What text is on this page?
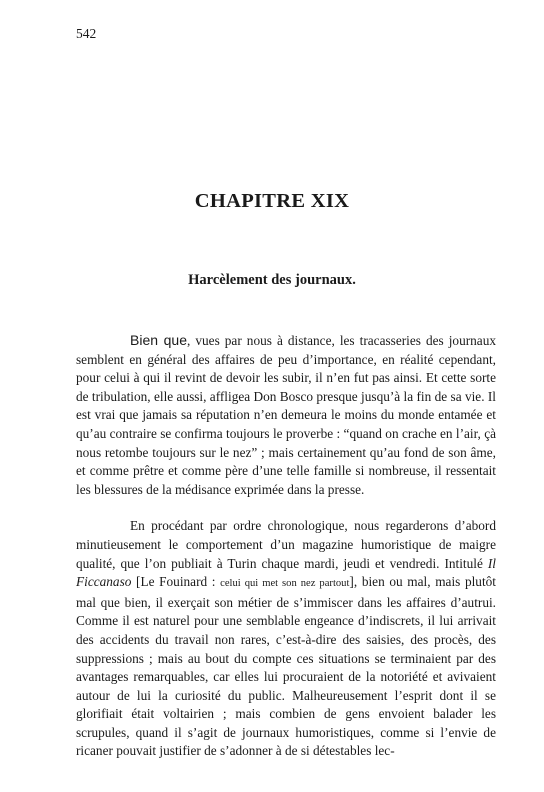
542
CHAPITRE XIX
Harcèlement des journaux.

Bien que, vues par nous à distance, les tracasseries des journaux semblent en général des affaires de peu d’importance, en réalité cependant, pour celui à qui il revint de devoir les subir, il n’en fut pas ainsi. Et cette sorte de tribulation, elle aussi, affligea Don Bosco presque jusqu’à la fin de sa vie. Il est vrai que jamais sa réputation n’en demeura le moins du monde entamée et qu’au contraire se confirma toujours le proverbe : “quand on crache en l’air, çà nous retombe toujours sur le nez” ; mais certainement qu’au fond de son âme, et comme prêtre et comme père d’une telle famille si nombreuse, il ressentait les blessures de la médisance exprimée dans la presse.

En procédant par ordre chronologique, nous regarderons d’abord minutieusement le comportement d’un magazine humoristique de maigre qualité, que l’on publiait à Turin chaque mardi, jeudi et vendredi. Intitulé Il Ficcanaso [Le Fouinard : celui qui met son nez partout], bien ou mal, mais plutôt mal que bien, il exerçait son métier de s’immiscer dans les affaires d’autrui. Comme il est naturel pour une semblable engeance d’indiscrets, il lui arrivait des accidents du travail non rares, c’est-à-dire des saisies, des procès, des suppressions ; mais au bout du compte ces situations se terminaient par des avantages remarquables, car elles lui procuraient de la notoriété et avivaient autour de lui la curiosité du public. Malheureusement l’esprit dont il se glorifiait était voltairien ; mais combien de gens envoient balader les scrupules, quand il s’agit de journaux humoristiques, comme si l’envie de ricaner pouvait justifier de s’adonner à de si détestables lec-
